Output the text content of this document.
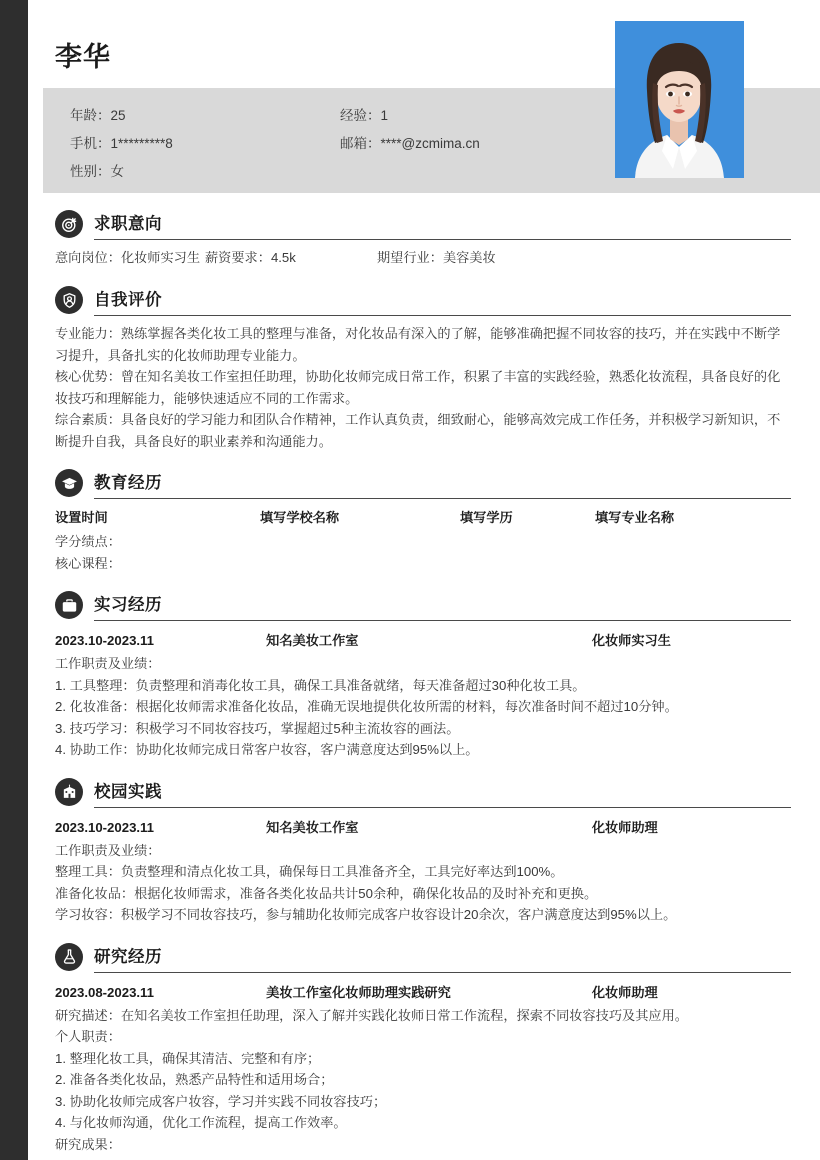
李华
年龄：25	经验：1
手机：1*********8	邮箱：****@zcmima.cn
性别：女
求职意向
意向岗位：化妆师实习生 薪资要求：4.5k	期望行业：美容美妆
自我评价
专业能力：熟练掌握各类化妆工具的整理与准备，对化妆品有深入的了解，能够准确把握不同妆容的技巧，并在实践中不断学习提升，具备扎实的化妆师助理专业能力。
核心优势：曾在知名美妆工作室担任助理，协助化妆师完成日常工作，积累了丰富的实践经验，熟悉化妆流程，具备良好的化妆技巧和理解能力，能够快速适应不同的工作需求。
综合素质：具备良好的学习能力和团队合作精神，工作认真负责，细致耐心，能够高效完成工作任务，并积极学习新知识，不断提升自我，具备良好的职业素养和沟通能力。
教育经历
设置时间	填写学校名称	填写学历	填写专业名称
学分绩点：
核心课程：
实习经历
2023.10-2023.11	知名美妆工作室	化妆师实习生
工作职责及业绩：
1. 工具整理：负责整理和消毒化妆工具，确保工具准备就绪，每天准备超过30种化妆工具。
2. 化妆准备：根据化妆师需求准备化妆品，准确无误地提供化妆所需的材料，每次准备时间不超过10分钟。
3. 技巧学习：积极学习不同妆容技巧，掌握超过5种主流妆容的画法。
4. 协助工作：协助化妆师完成日常客户妆容，客户满意度达到95%以上。
校园实践
2023.10-2023.11	知名美妆工作室	化妆师助理
工作职责及业绩：
整理工具：负责整理和清点化妆工具，确保每日工具准备齐全，工具完好率达到100%。
准备化妆品：根据化妆师需求，准备各类化妆品共计50余种，确保化妆品的及时补充和更换。
学习妆容：积极学习不同妆容技巧，参与辅助化妆师完成客户妆容设计20余次，客户满意度达到95%以上。
研究经历
2023.08-2023.11	美妆工作室化妆师助理实践研究	化妆师助理
研究描述：在知名美妆工作室担任助理，深入了解并实践化妆师日常工作流程，探索不同妆容技巧及其应用。
个人职责：
1. 整理化妆工具，确保其清洁、完整和有序；
2. 准备各类化妆品，熟悉产品特性和适用场合；
3. 协助化妆师完成客户妆容，学习并实践不同妆容技巧；
4. 与化妆师沟通，优化工作流程，提高工作效率。
研究成果：
